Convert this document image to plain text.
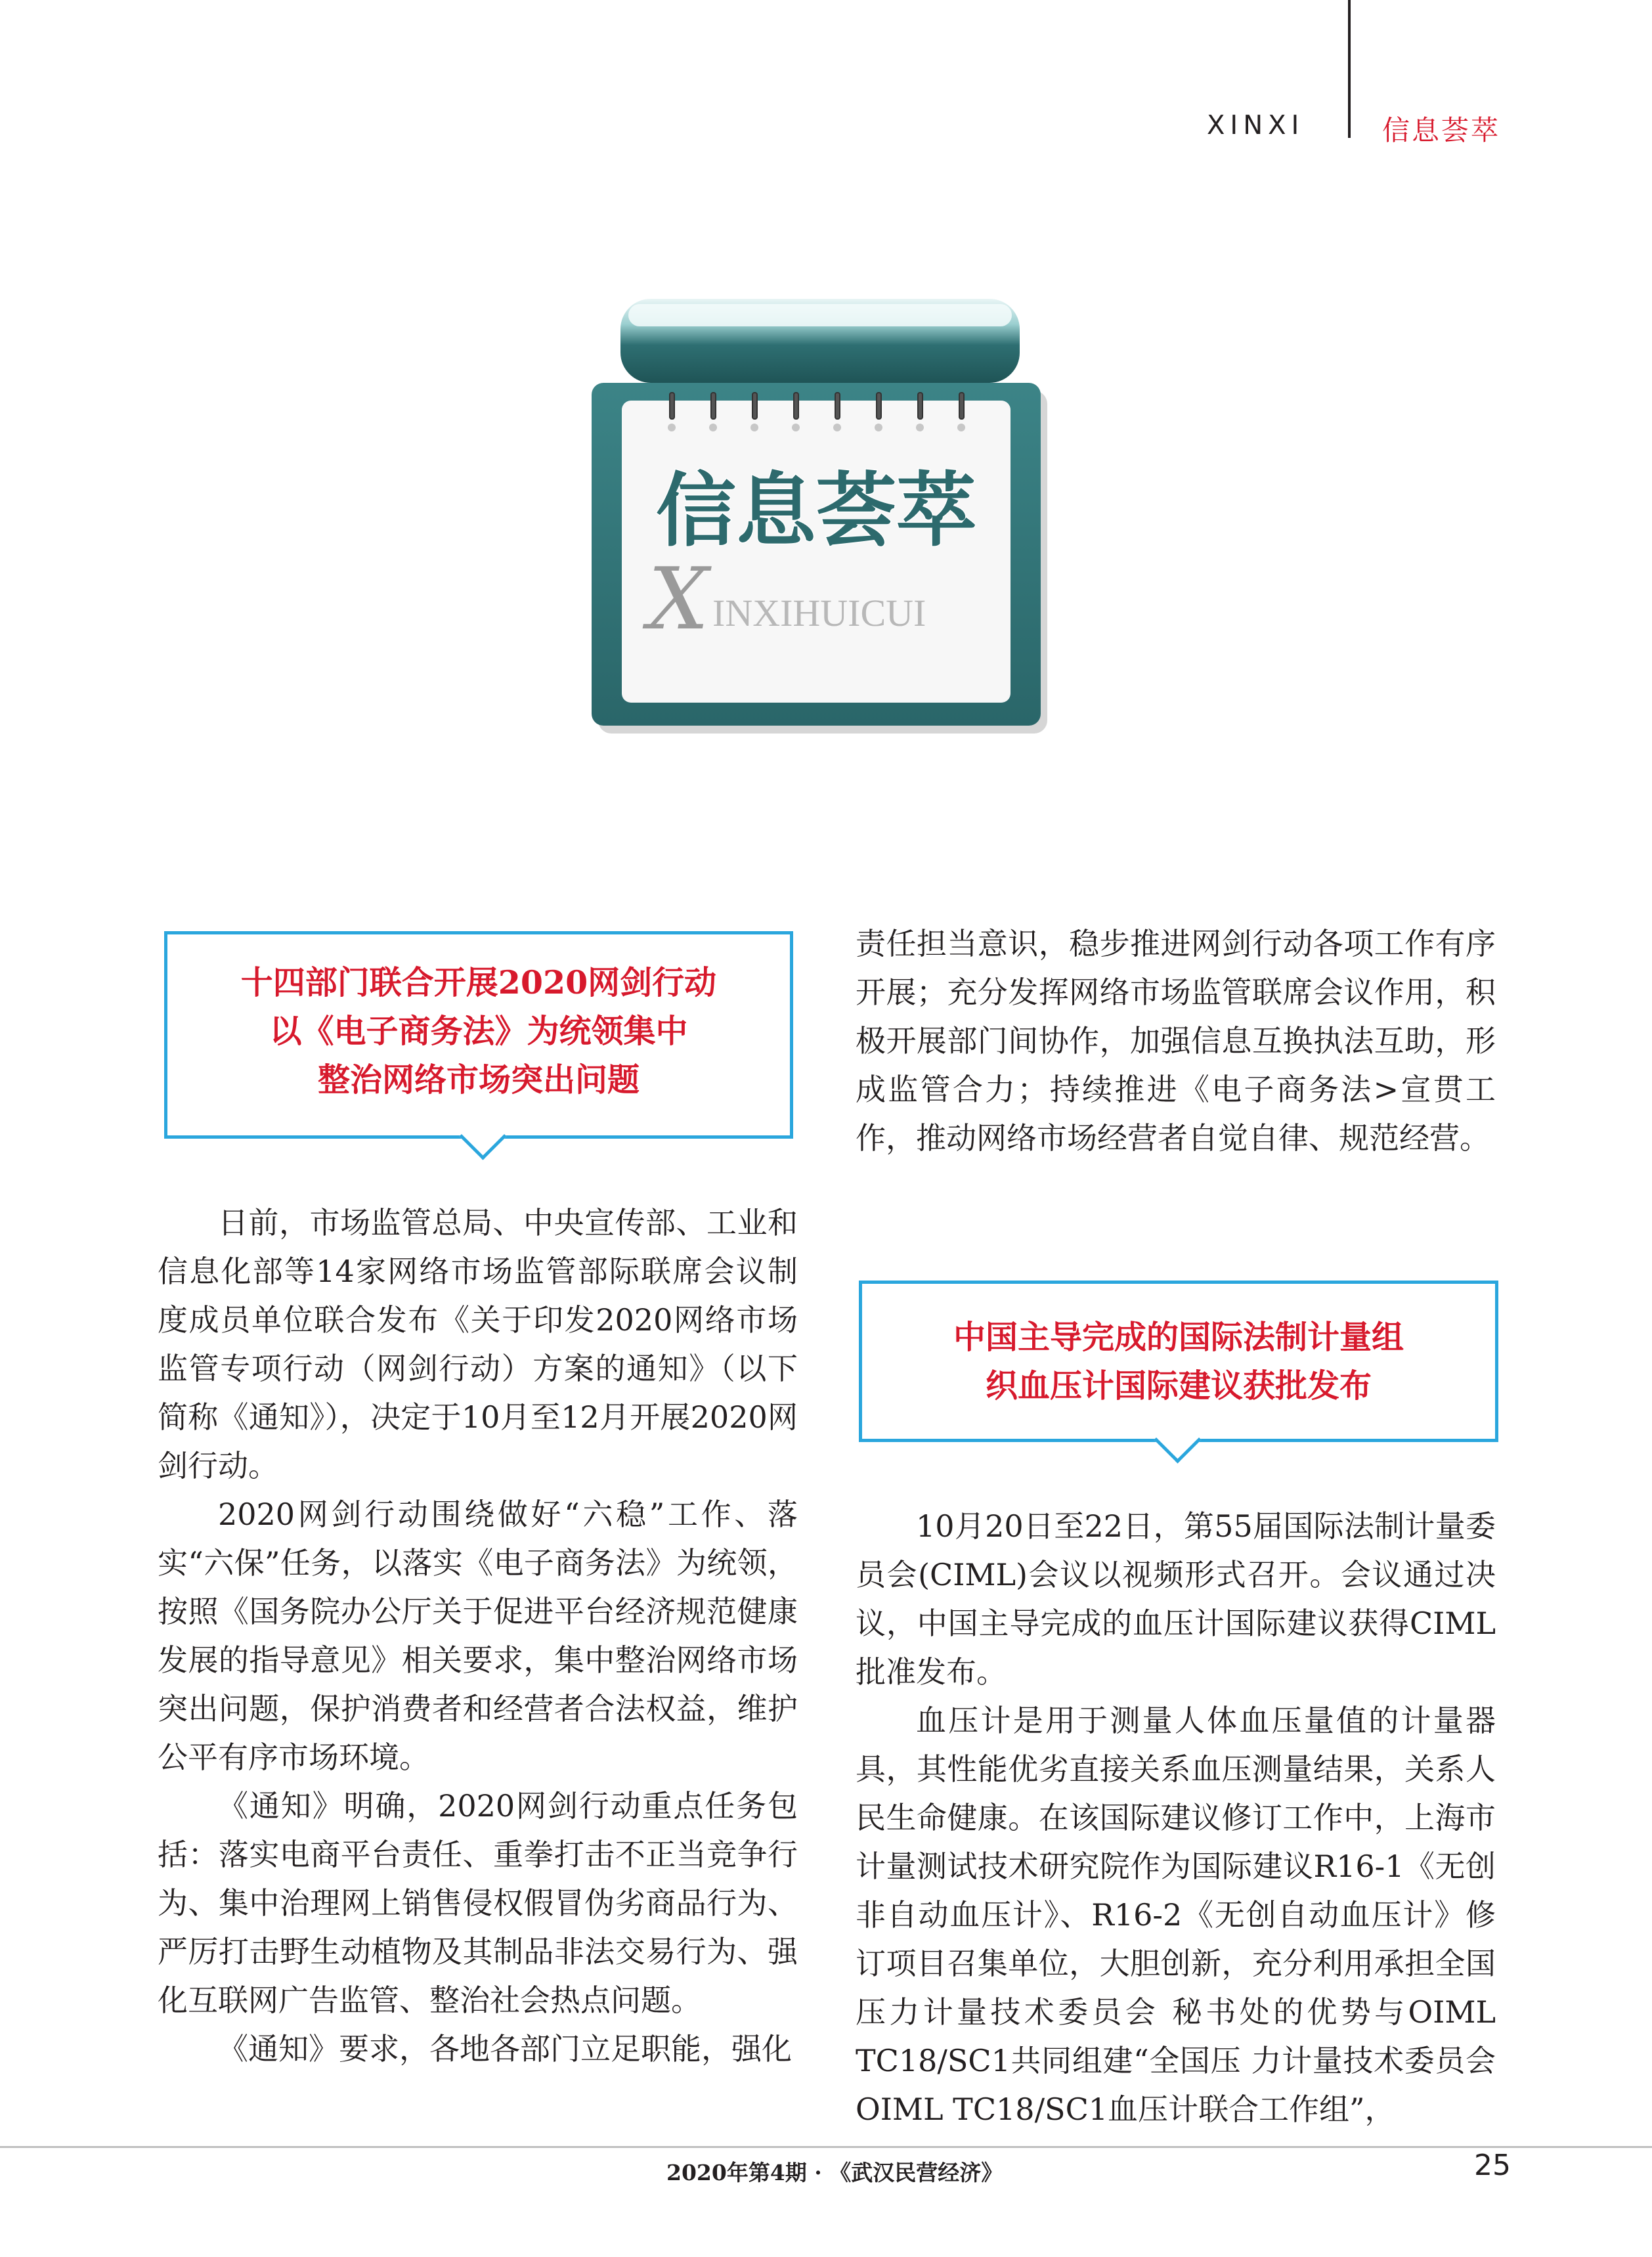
XINXI	信息荟萃
信息荟萃
X INXIHUICUI
十四部门联合开展2020网剑行动
以《电子商务法》为统领集中
整治网络市场突出问题

日前，市场监管总局、中央宣传部、工业和信息化部等14家网络市场监管部际联席会议制度成员单位联合发布《关于印发2020网络市场监管专项行动（网剑行动）方案的通知》（以下简称《通知》），决定于10月至12月开展2020网剑行动。

2020网剑行动围绕做好“六稳”工作、落实“六保”任务，以落实《电子商务法》为统领，按照《国务院办公厅关于促进平台经济规范健康发展的指导意见》相关要求，集中整治网络市场突出问题，保护消费者和经营者合法权益，维护公平有序市场环境。

《通知》明确，2020网剑行动重点任务包括：落实电商平台责任、重拳打击不正当竞争行为、集中治理网上销售侵权假冒伪劣商品行为、严厉打击野生动植物及其制品非法交易行为、强化互联网广告监管、整治社会热点问题。

《通知》要求，各地各部门立足职能，强化

责任担当意识，稳步推进网剑行动各项工作有序开展；充分发挥网络市场监管联席会议作用，积极开展部门间协作，加强信息互换执法互助，形成监管合力；持续推进《电子商务法>宣贯工作，推动网络市场经营者自觉自律、规范经营。

中国主导完成的国际法制计量组
织血压计国际建议获批发布

10月20日至22日，第55届国际法制计量委员会(CIML)会议以视频形式召开。会议通过决议，中国主导完成的血压计国际建议获得CIML批准发布。

血压计是用于测量人体血压量值的计量器具，其性能优劣直接关系血压测量结果，关系人民生命健康。在该国际建议修订工作中，上海市计量测试技术研究院作为国际建议R16-1《无创非自动血压计》、R16-2《无创自动血压计》修订项目召集单位，大胆创新，充分利用承担全国压力计量技术委员会 秘书处的优势与OIML TC18/SC1共同组建“全国压 力计量技术委员会OIML TC18/SC1血压计联合工作组”，

2020年第4期 · 《武汉民营经济》	25
